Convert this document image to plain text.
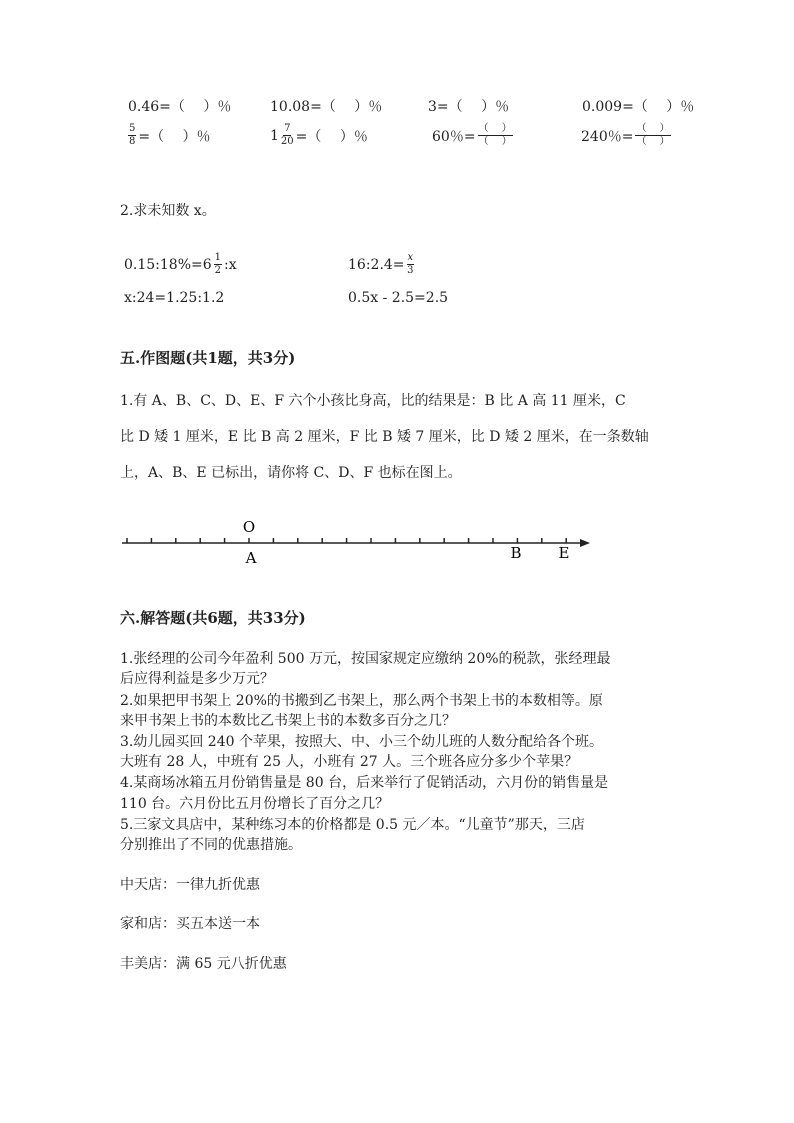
0.46=（　 ）％	10.08=（　 ）％	3=（　 ）％	0.009=（　 ）％
$\frac{5}{8}$ =（　 ）％	$1 \frac{7}{20}$ =（　 ）％	60％= $\frac{( )}{( )}$	240％= $\frac{( )}{( )}$
2.求未知数 x。
0.15:18%=6 $\frac{1}{2}$ :x	16:2.4= $\frac{x}{3}$
x:24=1.25:1.2	0.5x - 2.5=2.5
五.作图题(共1题，共3分)
1.有 A、B、C、D、E、F 六个小孩比身高，比的结果是：B 比 A 高 11 厘米，C
比 D 矮 1 厘米，E 比 B 高 2 厘米，F 比 B 矮 7 厘米，比 D 矮 2 厘米，在一条数轴
上，A、B、E 已标出，请你将 C、D、F 也标在图上。
O
A	B E
六.解答题(共6题，共33分)
1.张经理的公司今年盈利 500 万元，按国家规定应缴纳 20%的税款，张经理最
后应得利益是多少万元？
2.如果把甲书架上 20%的书搬到乙书架上，那么两个书架上书的本数相等。原
来甲书架上书的本数比乙书架上书的本数多百分之几？
3.幼儿园买回 240 个苹果，按照大、中、小三个幼儿班的人数分配给各个班。
大班有 28 人，中班有 25 人，小班有 27 人。三个班各应分多少个苹果？
4.某商场冰箱五月份销售量是 80 台，后来举行了促销活动，六月份的销售量是
110 台。六月份比五月份增长了百分之几？
5.三家文具店中，某种练习本的价格都是 0.5 元／本。“儿童节”那天，三店
分别推出了不同的优惠措施。
中天店：一律九折优惠
家和店：买五本送一本
丰美店：满 65 元八折优惠
